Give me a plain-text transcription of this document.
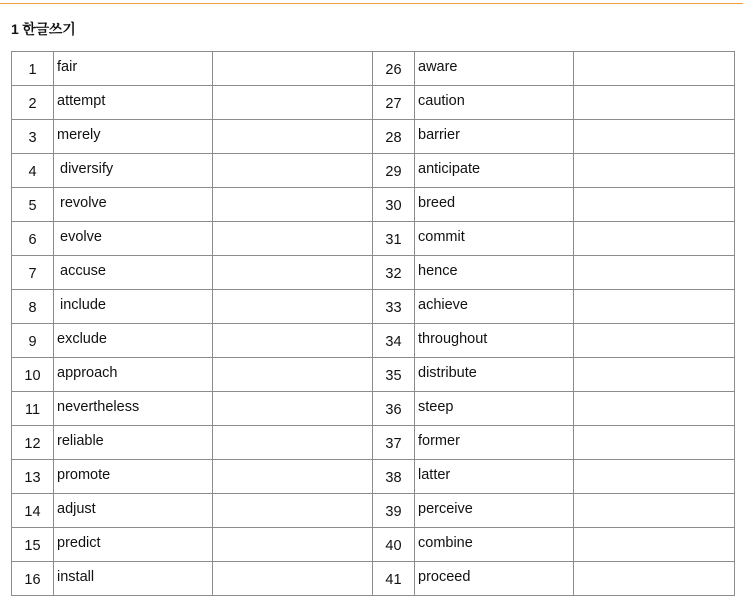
1 한글쓰기
1	fair		26	aware	
2	attempt		27	caution	
3	merely		28	barrier	
4	diversify		29	anticipate	
5	revolve		30	breed	
6	evolve		31	commit	
7	accuse		32	hence	
8	include		33	achieve	
9	exclude		34	throughout	
10	approach		35	distribute	
11	nevertheless		36	steep	
12	reliable		37	former	
13	promote		38	latter	
14	adjust		39	perceive	
15	predict		40	combine	
16	install		41	proceed	
